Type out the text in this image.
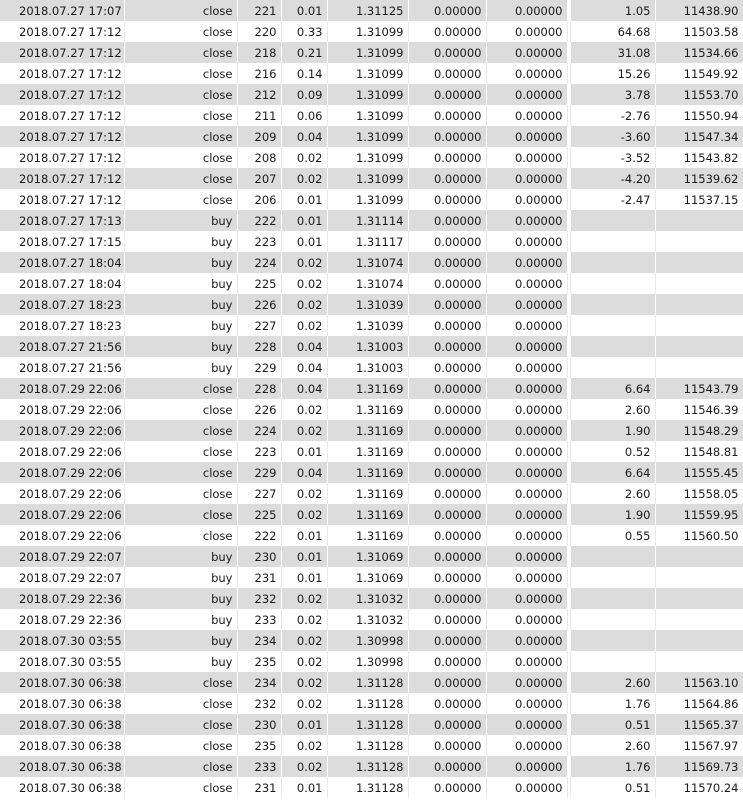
2018.07.27 17:07	close	221	0.01	1.31125	0.00000	0.00000		1.05	11438.90
2018.07.27 17:12	close	220	0.33	1.31099	0.00000	0.00000		64.68	11503.58
2018.07.27 17:12	close	218	0.21	1.31099	0.00000	0.00000		31.08	11534.66
2018.07.27 17:12	close	216	0.14	1.31099	0.00000	0.00000		15.26	11549.92
2018.07.27 17:12	close	212	0.09	1.31099	0.00000	0.00000		3.78	11553.70
2018.07.27 17:12	close	211	0.06	1.31099	0.00000	0.00000		-2.76	11550.94
2018.07.27 17:12	close	209	0.04	1.31099	0.00000	0.00000		-3.60	11547.34
2018.07.27 17:12	close	208	0.02	1.31099	0.00000	0.00000		-3.52	11543.82
2018.07.27 17:12	close	207	0.02	1.31099	0.00000	0.00000		-4.20	11539.62
2018.07.27 17:12	close	206	0.01	1.31099	0.00000	0.00000		-2.47	11537.15
2018.07.27 17:13	buy	222	0.01	1.31114	0.00000	0.00000			
2018.07.27 17:15	buy	223	0.01	1.31117	0.00000	0.00000			
2018.07.27 18:04	buy	224	0.02	1.31074	0.00000	0.00000			
2018.07.27 18:04	buy	225	0.02	1.31074	0.00000	0.00000			
2018.07.27 18:23	buy	226	0.02	1.31039	0.00000	0.00000			
2018.07.27 18:23	buy	227	0.02	1.31039	0.00000	0.00000			
2018.07.27 21:56	buy	228	0.04	1.31003	0.00000	0.00000			
2018.07.27 21:56	buy	229	0.04	1.31003	0.00000	0.00000			
2018.07.29 22:06	close	228	0.04	1.31169	0.00000	0.00000		6.64	11543.79
2018.07.29 22:06	close	226	0.02	1.31169	0.00000	0.00000		2.60	11546.39
2018.07.29 22:06	close	224	0.02	1.31169	0.00000	0.00000		1.90	11548.29
2018.07.29 22:06	close	223	0.01	1.31169	0.00000	0.00000		0.52	11548.81
2018.07.29 22:06	close	229	0.04	1.31169	0.00000	0.00000		6.64	11555.45
2018.07.29 22:06	close	227	0.02	1.31169	0.00000	0.00000		2.60	11558.05
2018.07.29 22:06	close	225	0.02	1.31169	0.00000	0.00000		1.90	11559.95
2018.07.29 22:06	close	222	0.01	1.31169	0.00000	0.00000		0.55	11560.50
2018.07.29 22:07	buy	230	0.01	1.31069	0.00000	0.00000			
2018.07.29 22:07	buy	231	0.01	1.31069	0.00000	0.00000			
2018.07.29 22:36	buy	232	0.02	1.31032	0.00000	0.00000			
2018.07.29 22:36	buy	233	0.02	1.31032	0.00000	0.00000			
2018.07.30 03:55	buy	234	0.02	1.30998	0.00000	0.00000			
2018.07.30 03:55	buy	235	0.02	1.30998	0.00000	0.00000			
2018.07.30 06:38	close	234	0.02	1.31128	0.00000	0.00000		2.60	11563.10
2018.07.30 06:38	close	232	0.02	1.31128	0.00000	0.00000		1.76	11564.86
2018.07.30 06:38	close	230	0.01	1.31128	0.00000	0.00000		0.51	11565.37
2018.07.30 06:38	close	235	0.02	1.31128	0.00000	0.00000		2.60	11567.97
2018.07.30 06:38	close	233	0.02	1.31128	0.00000	0.00000		1.76	11569.73
2018.07.30 06:38	close	231	0.01	1.31128	0.00000	0.00000		0.51	11570.24
